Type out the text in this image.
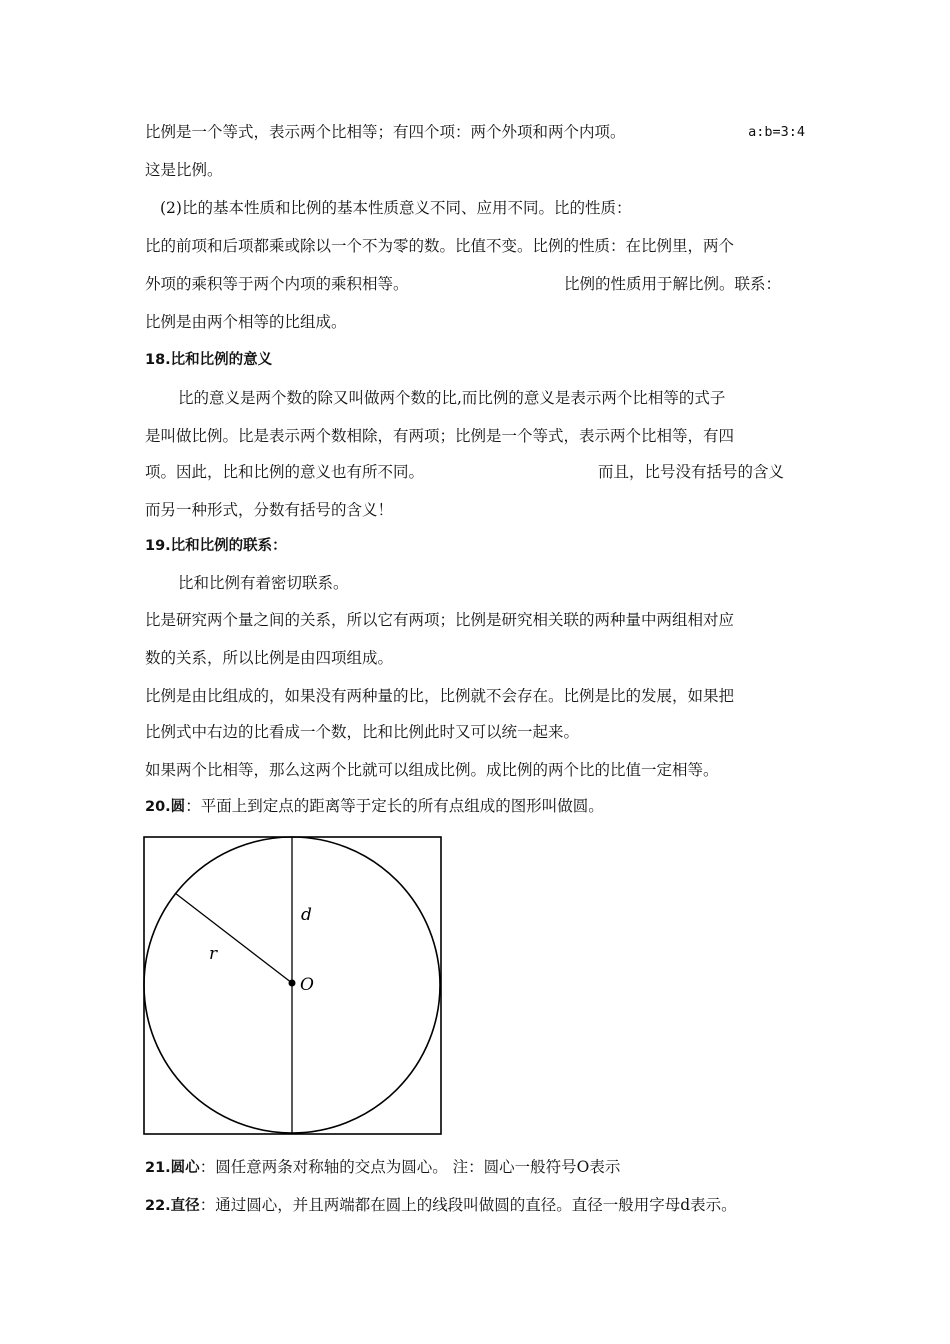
比例是一个等式，表示两个比相等；有四个项：两个外项和两个内项。	a:b=3:4
这是比例。
(2)比的基本性质和比例的基本性质意义不同、应用不同。比的性质：
比的前项和后项都乘或除以一个不为零的数。比值不变。比例的性质：在比例里，两个
外项的乘积等于两个内项的乘积相等。	比例的性质用于解比例。联系：
比例是由两个相等的比组成。
18.比和比例的意义
比的意义是两个数的除又叫做两个数的比,而比例的意义是表示两个比相等的式子
是叫做比例。比是表示两个数相除，有两项；比例是一个等式，表示两个比相等，有四
项。因此，比和比例的意义也有所不同。	而且，比号没有括号的含义
而另一种形式，分数有括号的含义！
19.比和比例的联系：
比和比例有着密切联系。
比是研究两个量之间的关系，所以它有两项；比例是研究相关联的两种量中两组相对应
数的关系，所以比例是由四项组成。
比例是由比组成的，如果没有两种量的比，比例就不会存在。比例是比的发展，如果把
比例式中右边的比看成一个数，比和比例此时又可以统一起来。
如果两个比相等，那么这两个比就可以组成比例。成比例的两个比的比值一定相等。
20.圆：平面上到定点的距离等于定长的所有点组成的图形叫做圆。
d
r
O
21.圆心：圆任意两条对称轴的交点为圆心。 注：圆心一般符号O表示
22.直径：通过圆心，并且两端都在圆上的线段叫做圆的直径。直径一般用字母d表示。
